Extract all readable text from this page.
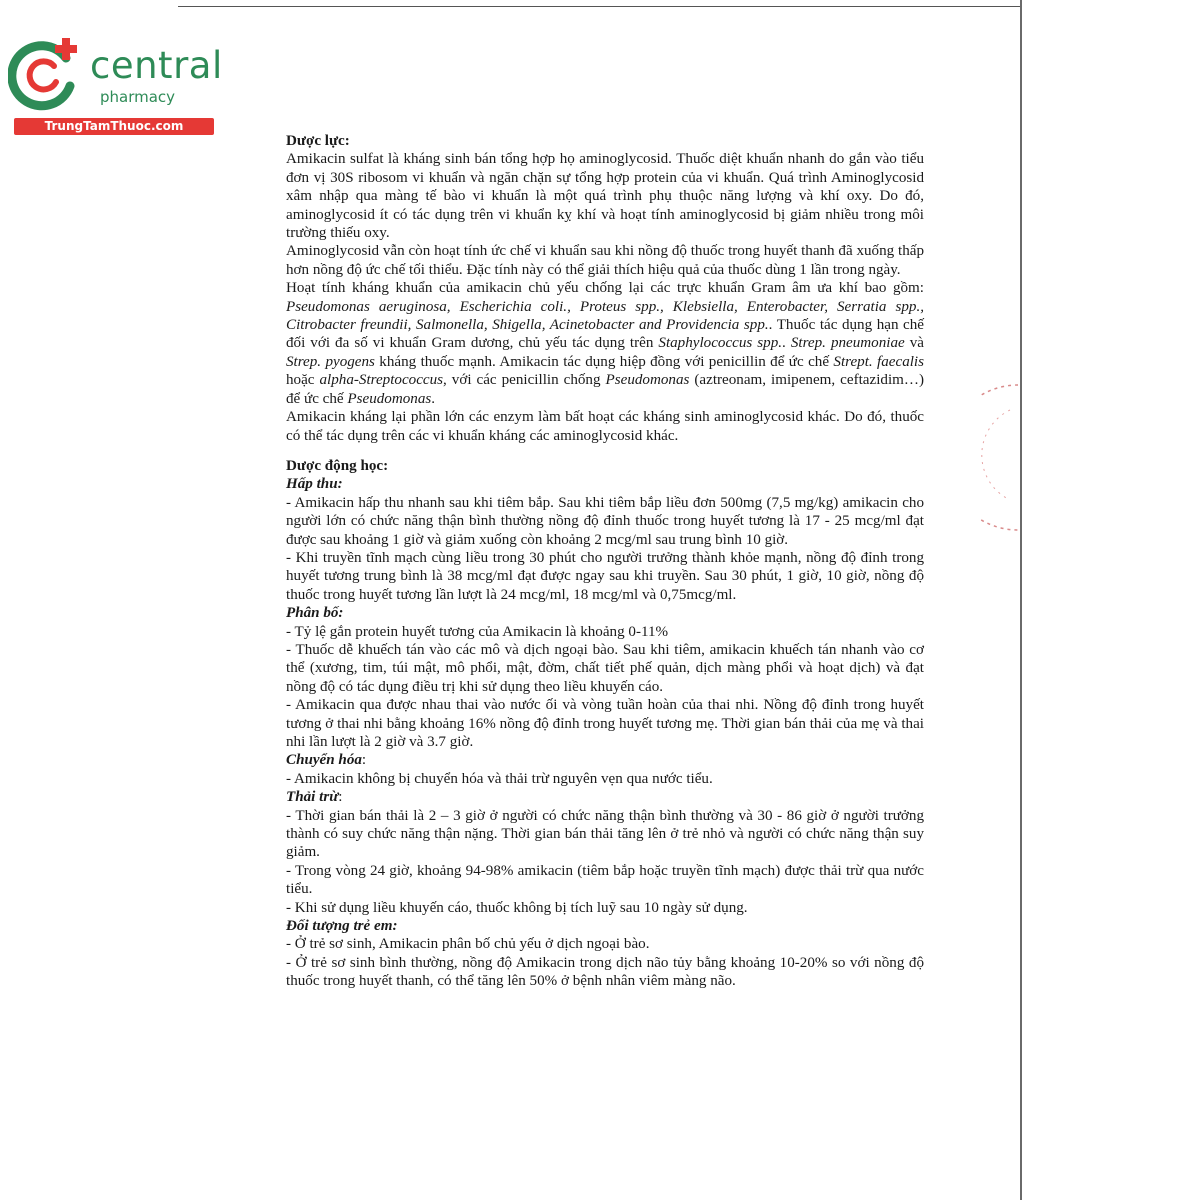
central
pharmacy
TrungTamThuoc.com

Dược lực:

Amikacin sulfat là kháng sinh bán tổng hợp họ aminoglycosid. Thuốc diệt khuẩn nhanh do gắn vào tiểu đơn vị 30S ribosom vi khuẩn và ngăn chặn sự tổng hợp protein của vi khuẩn. Quá trình Aminoglycosid xâm nhập qua màng tế bào vi khuẩn là một quá trình phụ thuộc năng lượng và khí oxy. Do đó, aminoglycosid ít có tác dụng trên vi khuẩn kỵ khí và hoạt tính aminoglycosid bị giảm nhiều trong môi trường thiếu oxy.

Aminoglycosid vẫn còn hoạt tính ức chế vi khuẩn sau khi nồng độ thuốc trong huyết thanh đã xuống thấp hơn nồng độ ức chế tối thiểu. Đặc tính này có thể giải thích hiệu quả của thuốc dùng 1 lần trong ngày.

Hoạt tính kháng khuẩn của amikacin chủ yếu chống lại các trực khuẩn Gram âm ưa khí bao gồm: Pseudomonas aeruginosa, Escherichia coli., Proteus spp., Klebsiella, Enterobacter, Serratia spp., Citrobacter freundii, Salmonella, Shigella, Acinetobacter and Providencia spp.. Thuốc tác dụng hạn chế đối với đa số vi khuẩn Gram dương, chủ yếu tác dụng trên Staphylococcus spp.. Strep. pneumoniae và Strep. pyogens kháng thuốc mạnh. Amikacin tác dụng hiệp đồng với penicillin để ức chế Strept. faecalis hoặc alpha-Streptococcus, với các penicillin chống Pseudomonas (aztreonam, imipenem, ceftazidim…) để ức chế Pseudomonas.

Amikacin kháng lại phần lớn các enzym làm bất hoạt các kháng sinh aminoglycosid khác. Do đó, thuốc có thể tác dụng trên các vi khuẩn kháng các aminoglycosid khác.

Dược động học:

Hấp thu:

- Amikacin hấp thu nhanh sau khi tiêm bắp. Sau khi tiêm bắp liều đơn 500mg (7,5 mg/kg) amikacin cho người lớn có chức năng thận bình thường nồng độ đỉnh thuốc trong huyết tương là 17 - 25 mcg/ml đạt được sau khoảng 1 giờ và giảm xuống còn khoảng 2 mcg/ml sau trung bình 10 giờ.

- Khi truyền tĩnh mạch cùng liều trong 30 phút cho người trưởng thành khỏe mạnh, nồng độ đỉnh trong huyết tương trung bình là 38 mcg/ml đạt được ngay sau khi truyền. Sau 30 phút, 1 giờ, 10 giờ, nồng độ thuốc trong huyết tương lần lượt là 24 mcg/ml, 18 mcg/ml và 0,75mcg/ml.

Phân bố:

- Tỷ lệ gắn protein huyết tương của Amikacin là khoảng 0-11%

- Thuốc dễ khuếch tán vào các mô và dịch ngoại bào. Sau khi tiêm, amikacin khuếch tán nhanh vào cơ thể (xương, tim, túi mật, mô phổi, mật, đờm, chất tiết phế quản, dịch màng phổi và hoạt dịch) và đạt nồng độ có tác dụng điều trị khi sử dụng theo liều khuyến cáo.

- Amikacin qua được nhau thai vào nước ối và vòng tuần hoàn của thai nhi. Nồng độ đỉnh trong huyết tương ở thai nhi bằng khoảng 16% nồng độ đỉnh trong huyết tương mẹ. Thời gian bán thải của mẹ và thai nhi lần lượt là 2 giờ và 3.7 giờ.

Chuyển hóa:

- Amikacin không bị chuyển hóa và thải trừ nguyên vẹn qua nước tiểu.

Thải trừ:

- Thời gian bán thải là 2 – 3 giờ ở người có chức năng thận bình thường và 30 - 86 giờ ở người trưởng thành có suy chức năng thận nặng. Thời gian bán thải tăng lên ở trẻ nhỏ và người có chức năng thận suy giảm.

- Trong vòng 24 giờ, khoảng 94-98% amikacin (tiêm bắp hoặc truyền tĩnh mạch) được thải trừ qua nước tiểu.

- Khi sử dụng liều khuyến cáo, thuốc không bị tích luỹ sau 10 ngày sử dụng.

Đối tượng trẻ em:

- Ở trẻ sơ sinh, Amikacin phân bố chủ yếu ở dịch ngoại bào.

- Ở trẻ sơ sinh bình thường, nồng độ Amikacin trong dịch não tủy bằng khoảng 10-20% so với nồng độ thuốc trong huyết thanh, có thể tăng lên 50% ở bệnh nhân viêm màng não.
